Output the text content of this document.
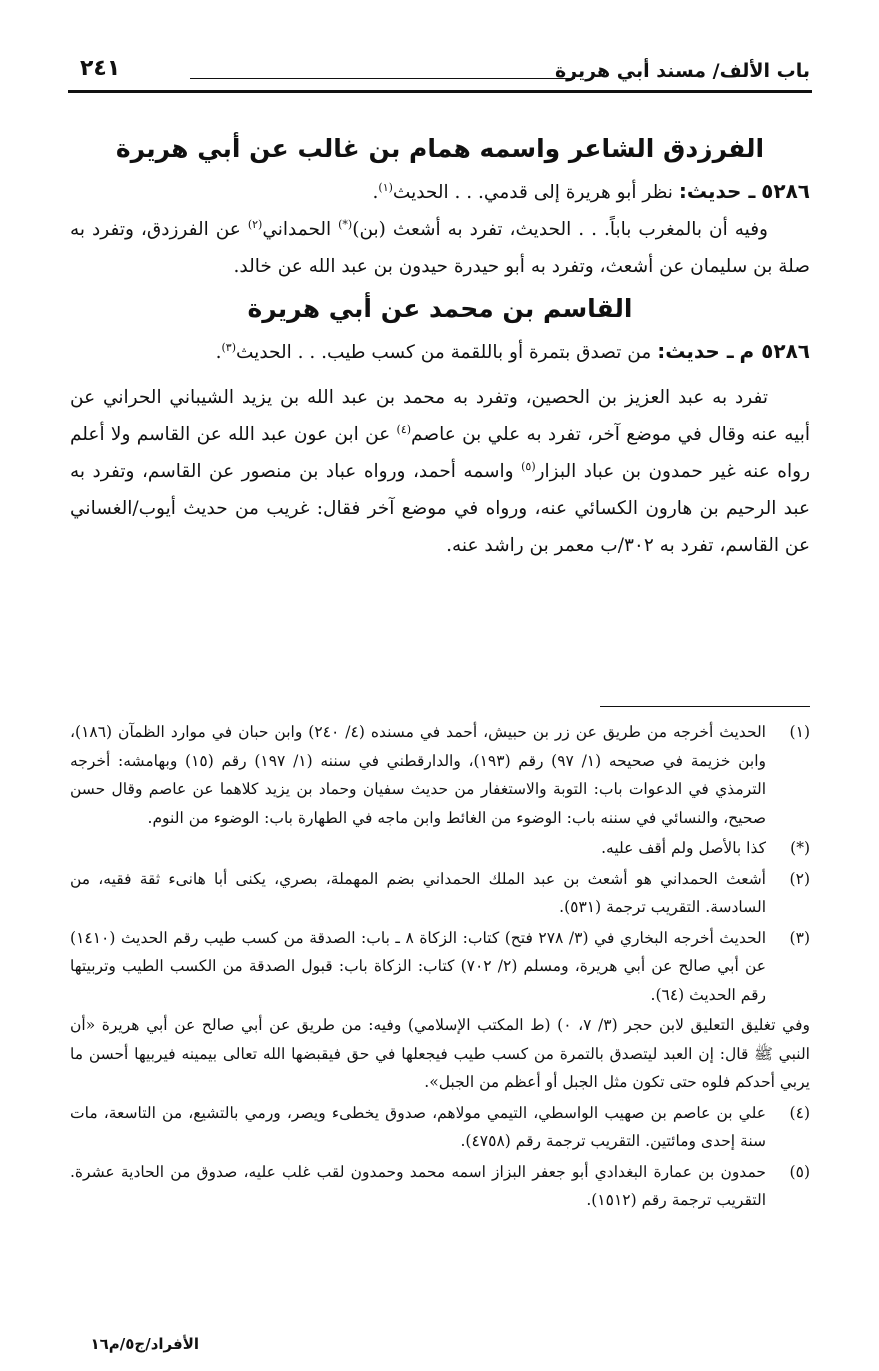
باب الألف/ مسند أبي هريرة
٢٤١
الفرزدق الشاعر واسمه همام بن غالب عن أبي هريرة

٥٢٨٦ ـ حديث: نظر أبو هريرة إلى قدمي. . . الحديث$^{(١)}$.

وفيه أن بالمغرب باباً. . . الحديث، تفرد به أشعث (بن)(*) الحمداني$^{(٢)}$ عن الفرزدق، وتفرد به صلة بن سليمان عن أشعث، وتفرد به أبو حيدرة حيدون بن عبد الله عن خالد.

القاسم بن محمد عن أبي هريرة

٥٢٨٦ م ـ حديث: من تصدق بتمرة أو باللقمة من كسب طيب. . . الحديث$^{(٣)}$.

تفرد به عبد العزيز بن الحصين، وتفرد به محمد بن عبد الله بن يزيد الشيباني الحراني عن أبيه عنه وقال في موضع آخر، تفرد به علي بن عاصم$^{(٤)}$ عن ابن عون عبد الله عن القاسم ولا أعلم رواه عنه غير حمدون بن عباد البزار$^{(٥)}$ واسمه أحمد، ورواه عباد بن منصور عن القاسم، وتفرد به عبد الرحيم بن هارون الكسائي عنه، ورواه في موضع آخر فقال: غريب من حديث أيوب/الغساني عن القاسم، تفرد به ٣٠٢/ب معمر بن راشد عنه.

(١)
الحديث أخرجه من طريق عن زر بن حبيش، أحمد في مسنده (٤/ ٢٤٠) وابن حبان في موارد الظمآن (١٨٦)، وابن خزيمة في صحيحه (١/ ٩٧) رقم (١٩٣)، والدارقطني في سننه (١/ ١٩٧) رقم (١٥) وبهامشه: أخرجه الترمذي في الدعوات باب: التوبة والاستغفار من حديث سفيان وحماد بن يزيد كلاهما عن عاصم وقال حسن صحيح، والنسائي في سننه باب: الوضوء من الغائط وابن ماجه في الطهارة باب: الوضوء من النوم.
(*)
كذا بالأصل ولم أقف عليه.
(٢)
أشعث الحمداني هو أشعث بن عبد الملك الحمداني بضم المهملة، بصري، يكنى أبا هانىء ثقة فقيه، من السادسة. التقريب ترجمة (٥٣١).
(٣)
الحديث أخرجه البخاري في (٣/ ٢٧٨ فتح) كتاب: الزكاة ٨ ـ باب: الصدقة من كسب طيب رقم الحديث (١٤١٠) عن أبي صالح عن أبي هريرة، ومسلم (٢/ ٧٠٢) كتاب: الزكاة باب: قبول الصدقة من الكسب الطيب وتربيتها رقم الحديث (٦٤).
وفي تغليق التعليق لابن حجر (٣/ ٧، ٠) (ط المكتب الإسلامي) وفيه: من طريق عن أبي صالح عن أبي هريرة «أن النبي ﷺ قال: إن العبد ليتصدق بالتمرة من كسب طيب فيجعلها في حق فيقبضها الله تعالى بيمينه فيربيها أحسن ما يربي أحدكم فلوه حتى تكون مثل الجبل أو أعظم من الجبل».
(٤)
علي بن عاصم بن صهيب الواسطي، التيمي مولاهم، صدوق يخطىء ويصر، ورمي بالتشيع، من التاسعة، مات سنة إحدى ومائتين. التقريب ترجمة رقم (٤٧٥٨).
(٥)
حمدون بن عمارة البغدادي أبو جعفر البزاز اسمه محمد وحمدون لقب غلب عليه، صدوق من الحادية عشرة. التقريب ترجمة رقم (١٥١٢).
الأفراد/ج٥/م١٦
